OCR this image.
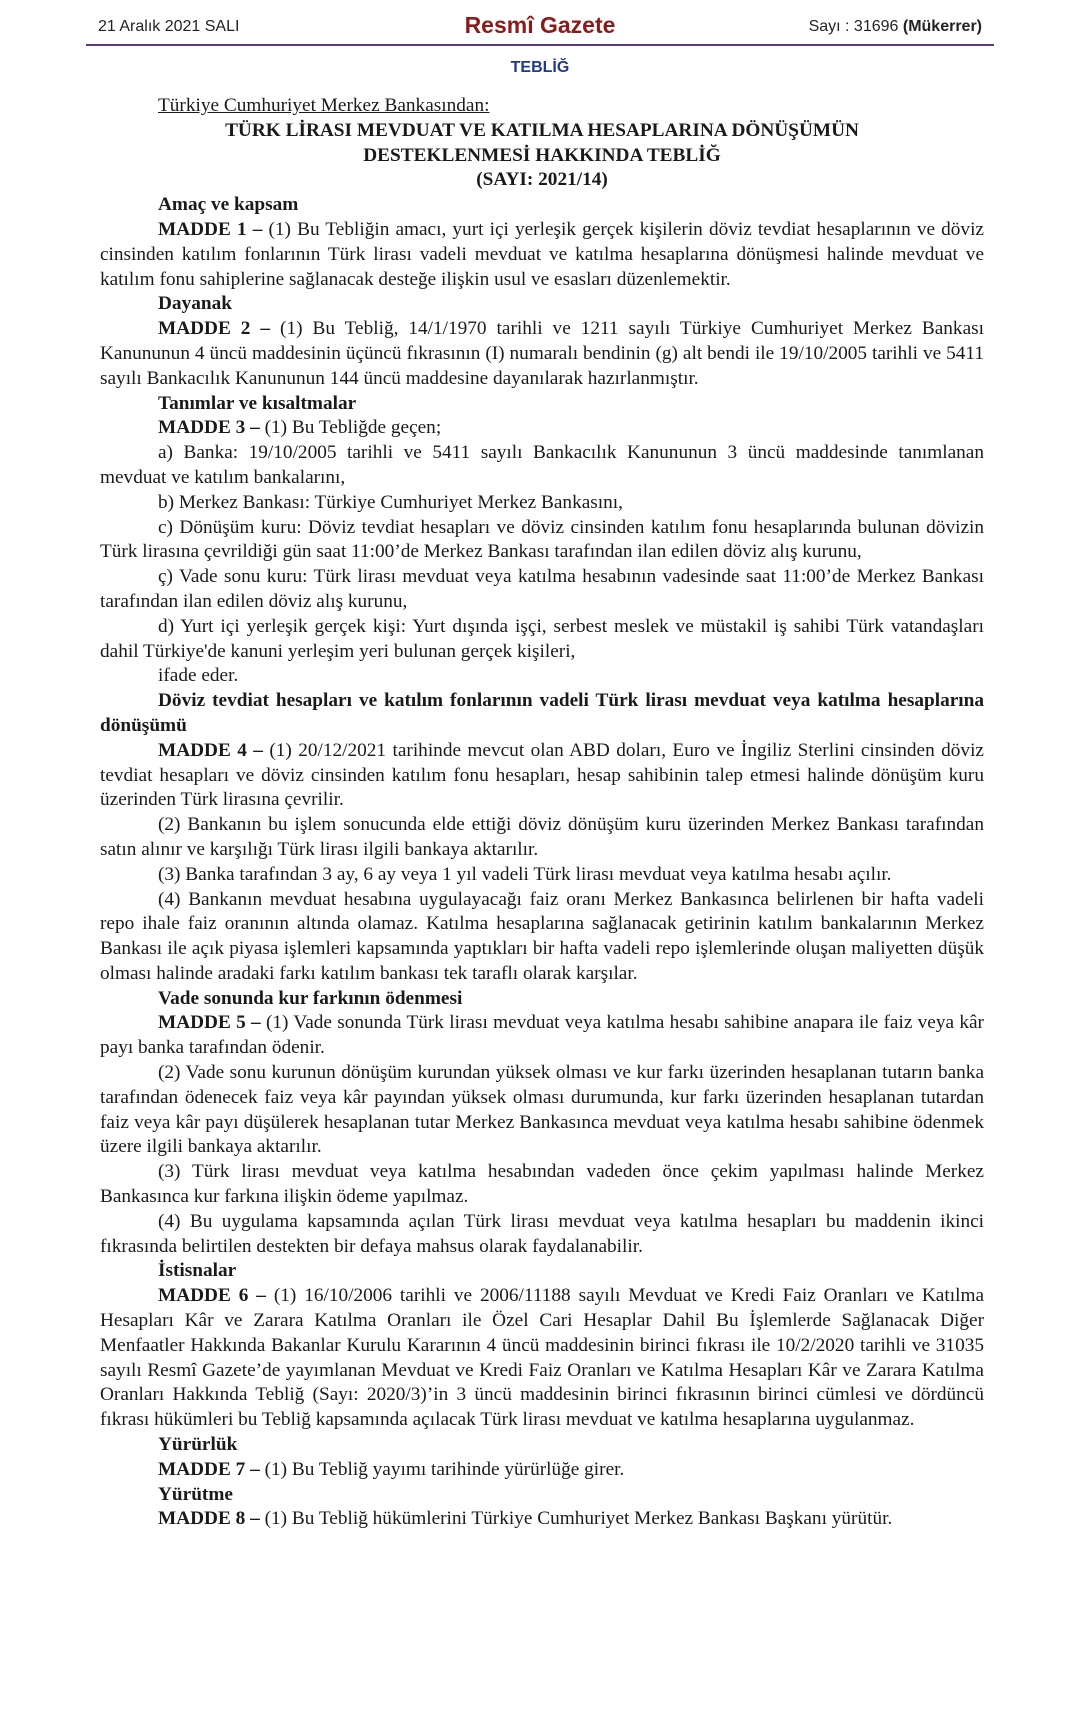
21 Aralık 2021 SALI	Resmî Gazete	Sayı : 31696 (Mükerrer)
TEBLİĞ

Türkiye Cumhuriyet Merkez Bankasından:

TÜRK LİRASI MEVDUAT VE KATILMA HESAPLARINA DÖNÜŞÜMÜN

DESTEKLENMESİ HAKKINDA TEBLİĞ

(SAYI: 2021/14)

Amaç ve kapsam

MADDE 1 – (1) Bu Tebliğin amacı, yurt içi yerleşik gerçek kişilerin döviz tevdiat hesaplarının ve döviz cinsinden katılım fonlarının Türk lirası vadeli mevduat ve katılma hesaplarına dönüşmesi halinde mevduat ve katılım fonu sahiplerine sağlanacak desteğe ilişkin usul ve esasları düzenlemektir.

Dayanak

MADDE 2 – (1) Bu Tebliğ, 14/1/1970 tarihli ve 1211 sayılı Türkiye Cumhuriyet Merkez Bankası Kanununun 4 üncü maddesinin üçüncü fıkrasının (I) numaralı bendinin (g) alt bendi ile 19/10/2005 tarihli ve 5411 sayılı Bankacılık Kanununun 144 üncü maddesine dayanılarak hazırlanmıştır.

Tanımlar ve kısaltmalar

MADDE 3 – (1) Bu Tebliğde geçen;

a) Banka: 19/10/2005 tarihli ve 5411 sayılı Bankacılık Kanununun 3 üncü maddesinde tanımlanan mevduat ve katılım bankalarını,

b) Merkez Bankası: Türkiye Cumhuriyet Merkez Bankasını,

c) Dönüşüm kuru: Döviz tevdiat hesapları ve döviz cinsinden katılım fonu hesaplarında bulunan dövizin Türk lirasına çevrildiği gün saat 11:00’de Merkez Bankası tarafından ilan edilen döviz alış kurunu,

ç) Vade sonu kuru: Türk lirası mevduat veya katılma hesabının vadesinde saat 11:00’de Merkez Bankası tarafından ilan edilen döviz alış kurunu,

d) Yurt içi yerleşik gerçek kişi: Yurt dışında işçi, serbest meslek ve müstakil iş sahibi Türk vatandaşları dahil Türkiye'de kanuni yerleşim yeri bulunan gerçek kişileri,

ifade eder.

Döviz tevdiat hesapları ve katılım fonlarının vadeli Türk lirası mevduat veya katılma hesaplarına dönüşümü

MADDE 4 – (1) 20/12/2021 tarihinde mevcut olan ABD doları, Euro ve İngiliz Sterlini cinsinden döviz tevdiat hesapları ve döviz cinsinden katılım fonu hesapları, hesap sahibinin talep etmesi halinde dönüşüm kuru üzerinden Türk lirasına çevrilir.

(2) Bankanın bu işlem sonucunda elde ettiği döviz dönüşüm kuru üzerinden Merkez Bankası tarafından satın alınır ve karşılığı Türk lirası ilgili bankaya aktarılır.

(3) Banka tarafından 3 ay, 6 ay veya 1 yıl vadeli Türk lirası mevduat veya katılma hesabı açılır.

(4) Bankanın mevduat hesabına uygulayacağı faiz oranı Merkez Bankasınca belirlenen bir hafta vadeli repo ihale faiz oranının altında olamaz. Katılma hesaplarına sağlanacak getirinin katılım bankalarının Merkez Bankası ile açık piyasa işlemleri kapsamında yaptıkları bir hafta vadeli repo işlemlerinde oluşan maliyetten düşük olması halinde aradaki farkı katılım bankası tek taraflı olarak karşılar.

Vade sonunda kur farkının ödenmesi

MADDE 5 – (1) Vade sonunda Türk lirası mevduat veya katılma hesabı sahibine anapara ile faiz veya kâr payı banka tarafından ödenir.

(2) Vade sonu kurunun dönüşüm kurundan yüksek olması ve kur farkı üzerinden hesaplanan tutarın banka tarafından ödenecek faiz veya kâr payından yüksek olması durumunda, kur farkı üzerinden hesaplanan tutardan faiz veya kâr payı düşülerek hesaplanan tutar Merkez Bankasınca mevduat veya katılma hesabı sahibine ödenmek üzere ilgili bankaya aktarılır.

(3) Türk lirası mevduat veya katılma hesabından vadeden önce çekim yapılması halinde Merkez Bankasınca kur farkına ilişkin ödeme yapılmaz.

(4) Bu uygulama kapsamında açılan Türk lirası mevduat veya katılma hesapları bu maddenin ikinci fıkrasında belirtilen destekten bir defaya mahsus olarak faydalanabilir.

İstisnalar

MADDE 6 – (1) 16/10/2006 tarihli ve 2006/11188 sayılı Mevduat ve Kredi Faiz Oranları ve Katılma Hesapları Kâr ve Zarara Katılma Oranları ile Özel Cari Hesaplar Dahil Bu İşlemlerde Sağlanacak Diğer Menfaatler Hakkında Bakanlar Kurulu Kararının 4 üncü maddesinin birinci fıkrası ile 10/2/2020 tarihli ve 31035 sayılı Resmî Gazete’de yayımlanan Mevduat ve Kredi Faiz Oranları ve Katılma Hesapları Kâr ve Zarara Katılma Oranları Hakkında Tebliğ (Sayı: 2020/3)’in 3 üncü maddesinin birinci fıkrasının birinci cümlesi ve dördüncü fıkrası hükümleri bu Tebliğ kapsamında açılacak Türk lirası mevduat ve katılma hesaplarına uygulanmaz.

Yürürlük

MADDE 7 – (1) Bu Tebliğ yayımı tarihinde yürürlüğe girer.

Yürütme

MADDE 8 – (1) Bu Tebliğ hükümlerini Türkiye Cumhuriyet Merkez Bankası Başkanı yürütür.
